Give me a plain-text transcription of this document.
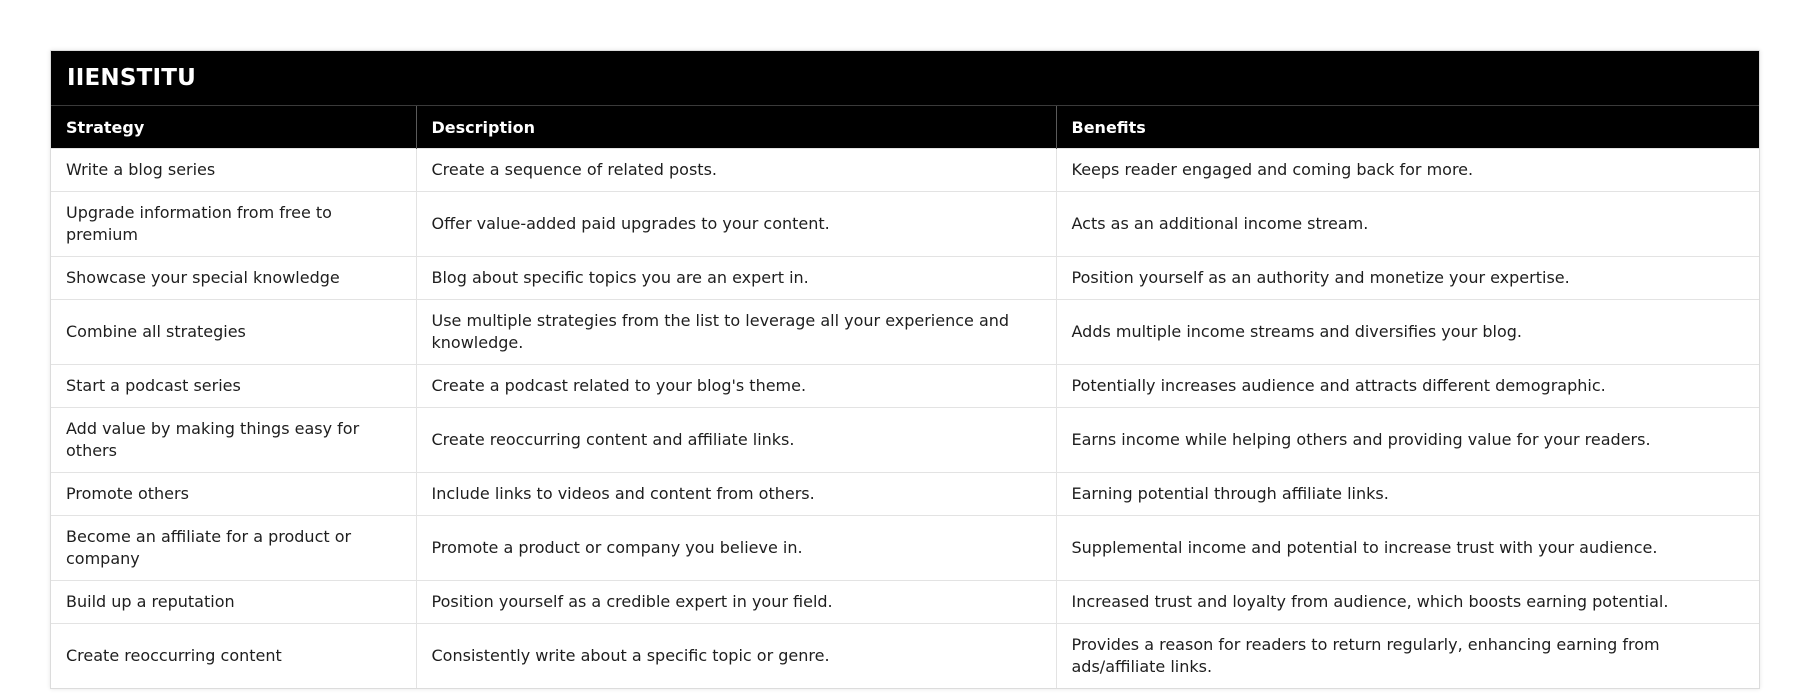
IIENSTITU
Strategy	Description	Benefits
Write a blog series	Create a sequence of related posts.	Keeps reader engaged and coming back for more.
Upgrade information from free to premium	Offer value-added paid upgrades to your content.	Acts as an additional income stream.
Showcase your special knowledge	Blog about specific topics you are an expert in.	Position yourself as an authority and monetize your expertise.
Combine all strategies	Use multiple strategies from the list to leverage all your experience and knowledge.	Adds multiple income streams and diversifies your blog.
Start a podcast series	Create a podcast related to your blog's theme.	Potentially increases audience and attracts different demographic.
Add value by making things easy for others	Create reoccurring content and affiliate links.	Earns income while helping others and providing value for your readers.
Promote others	Include links to videos and content from others.	Earning potential through affiliate links.
Become an affiliate for a product or company	Promote a product or company you believe in.	Supplemental income and potential to increase trust with your audience.
Build up a reputation	Position yourself as a credible expert in your field.	Increased trust and loyalty from audience, which boosts earning potential.
Create reoccurring content	Consistently write about a specific topic or genre.	Provides a reason for readers to return regularly, enhancing earning from ads/affiliate links.
